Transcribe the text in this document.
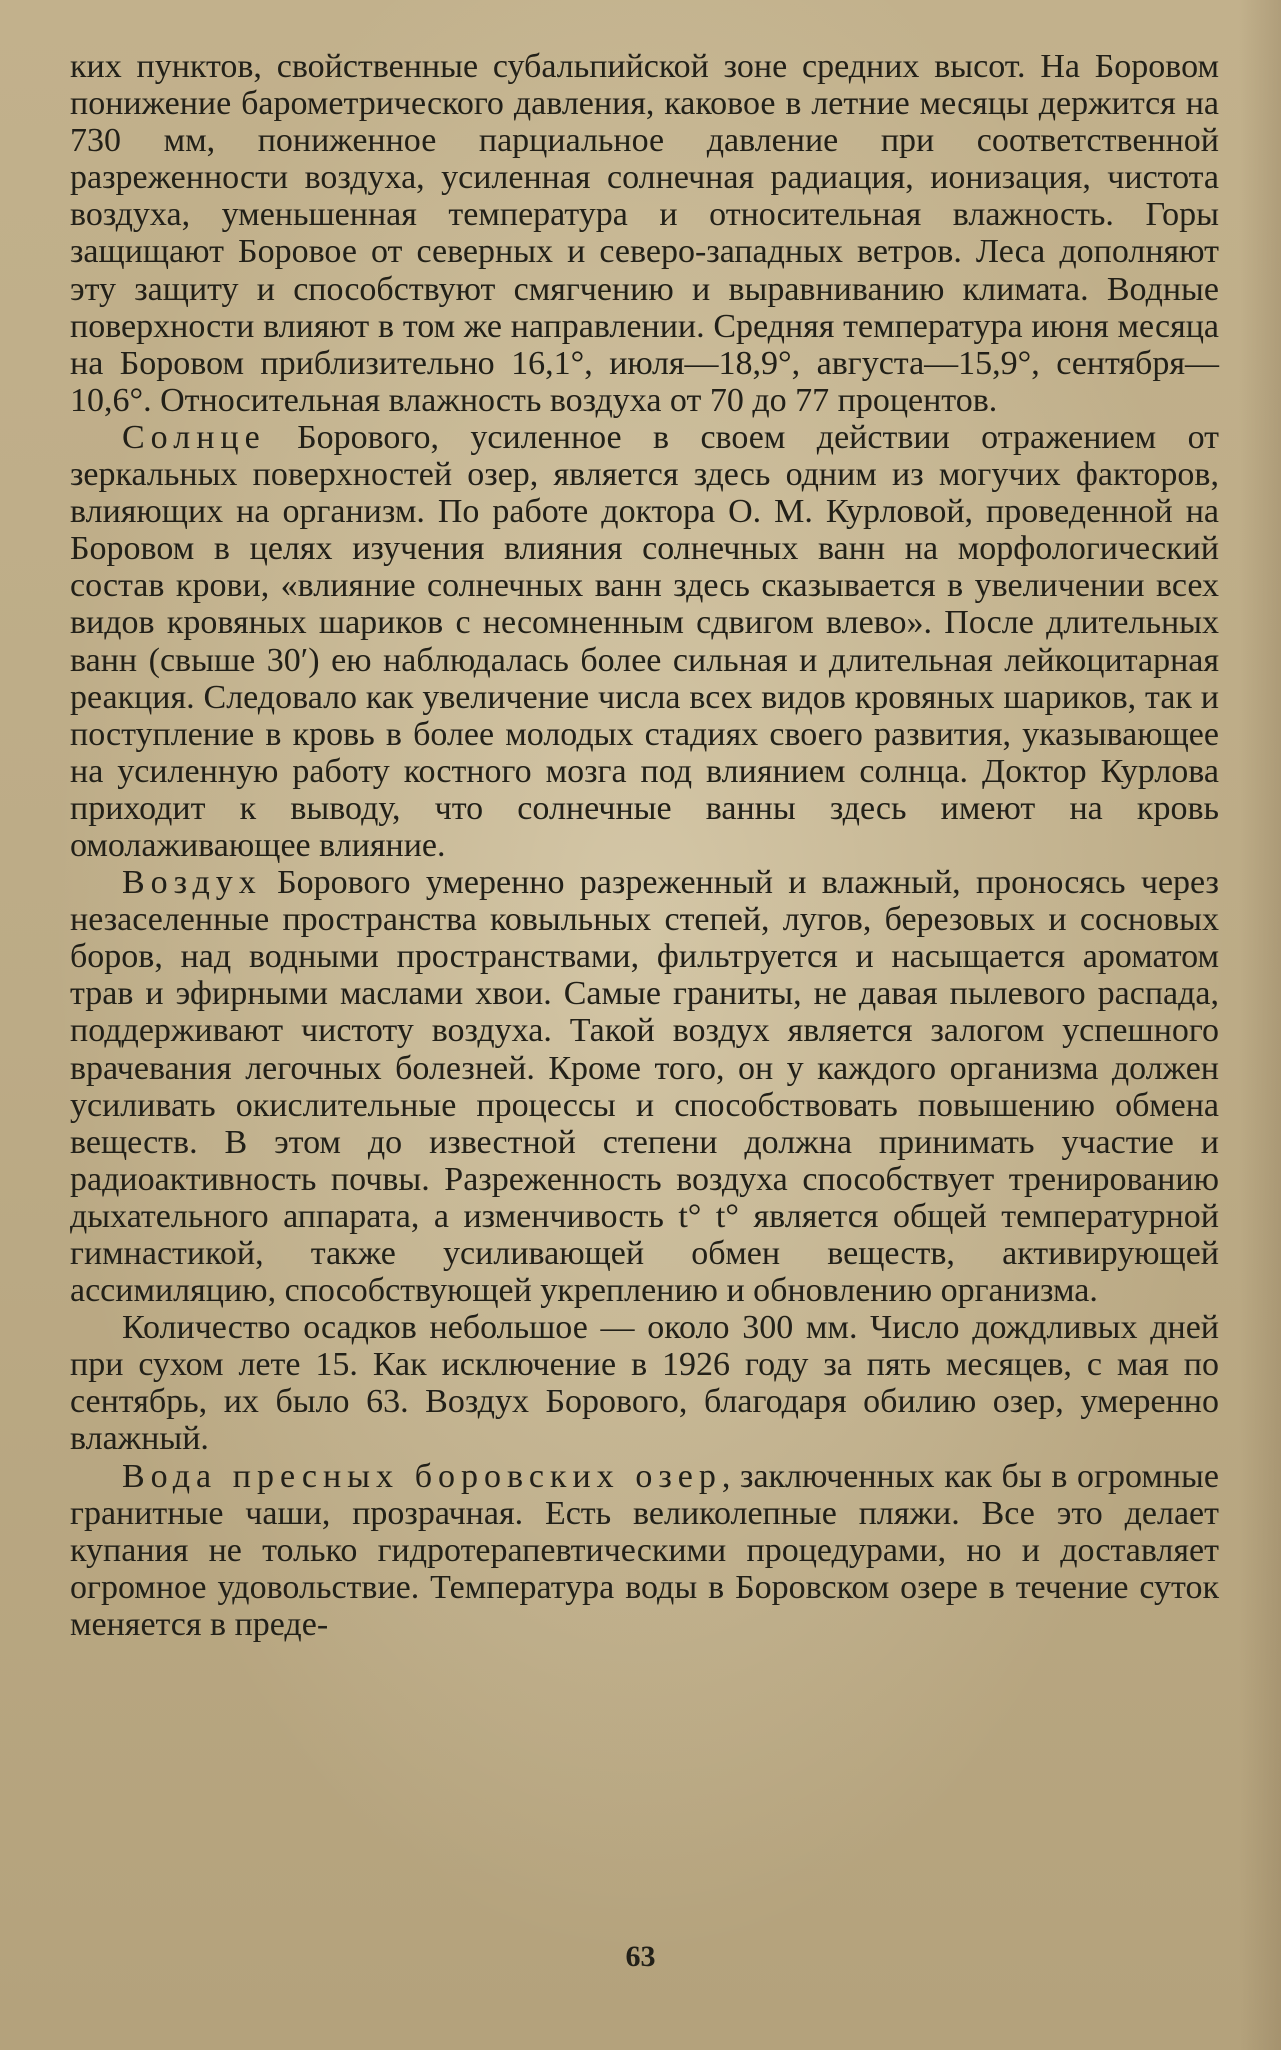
ких пунктов, свойственные субальпийской зоне средних высот. На Боровом понижение барометрического давления, каковое в летние месяцы держится на 730 мм, пониженное парциальное давление при соответственной разреженности воздуха, усиленная солнечная радиация, ионизация, чистота воздуха, уменьшенная температура и относительная влажность. Горы защищают Боровое от северных и северо-западных ветров. Леса дополняют эту защиту и способствуют смягчению и выравниванию климата. Водные поверхности влияют в том же направлении. Средняя температура июня месяца на Боровом приблизительно 16,1°, июля—18,9°, августа—15,9°, сентября—10,6°. Относительная влажность воздуха от 70 до 77 процентов.

Солнце Борового, усиленное в своем действии отражением от зеркальных поверхностей озер, является здесь одним из могучих факторов, влияющих на организм. По работе доктора О. М. Курловой, проведенной на Боровом в целях изучения влияния солнечных ванн на морфологический состав крови, «влияние солнечных ванн здесь сказывается в увеличении всех видов кровяных шариков с несомненным сдвигом влево». После длительных ванн (свыше 30′) ею наблюдалась более сильная и длительная лейкоцитарная реакция. Следовало как увеличение числа всех видов кровяных шариков, так и поступление в кровь в более молодых стадиях своего развития, указывающее на усиленную работу костного мозга под влиянием солнца. Доктор Курлова приходит к выводу, что солнечные ванны здесь имеют на кровь омолаживающее влияние.

Воздух Борового умеренно разреженный и влажный, проносясь через незаселенные пространства ковыльных степей, лугов, березовых и сосновых боров, над водными пространствами, фильтруется и насыщается ароматом трав и эфирными маслами хвои. Самые граниты, не давая пылевого распада, поддерживают чистоту воздуха. Такой воздух является залогом успешного врачевания легочных болезней. Кроме того, он у каждого организма должен усиливать окислительные процессы и способствовать повышению обмена веществ. В этом до известной степени должна принимать участие и радиоактивность почвы. Разреженность воздуха способствует тренированию дыхательного аппарата, а изменчивость t° t° является общей температурной гимнастикой, также усиливающей обмен веществ, активирующей ассимиляцию, способствующей укреплению и обновлению организма.

Количество осадков небольшое — около 300 мм. Число дождливых дней при сухом лете 15. Как исключение в 1926 году за пять месяцев, с мая по сентябрь, их было 63. Воздух Борового, благодаря обилию озер, умеренно влажный.

Вода пресных боровских озер, заключенных как бы в огромные гранитные чаши, прозрачная. Есть великолепные пляжи. Все это делает купания не только гидротерапевтическими процедурами, но и доставляет огромное удовольствие. Температура воды в Боровском озере в течение суток меняется в преде-

63
